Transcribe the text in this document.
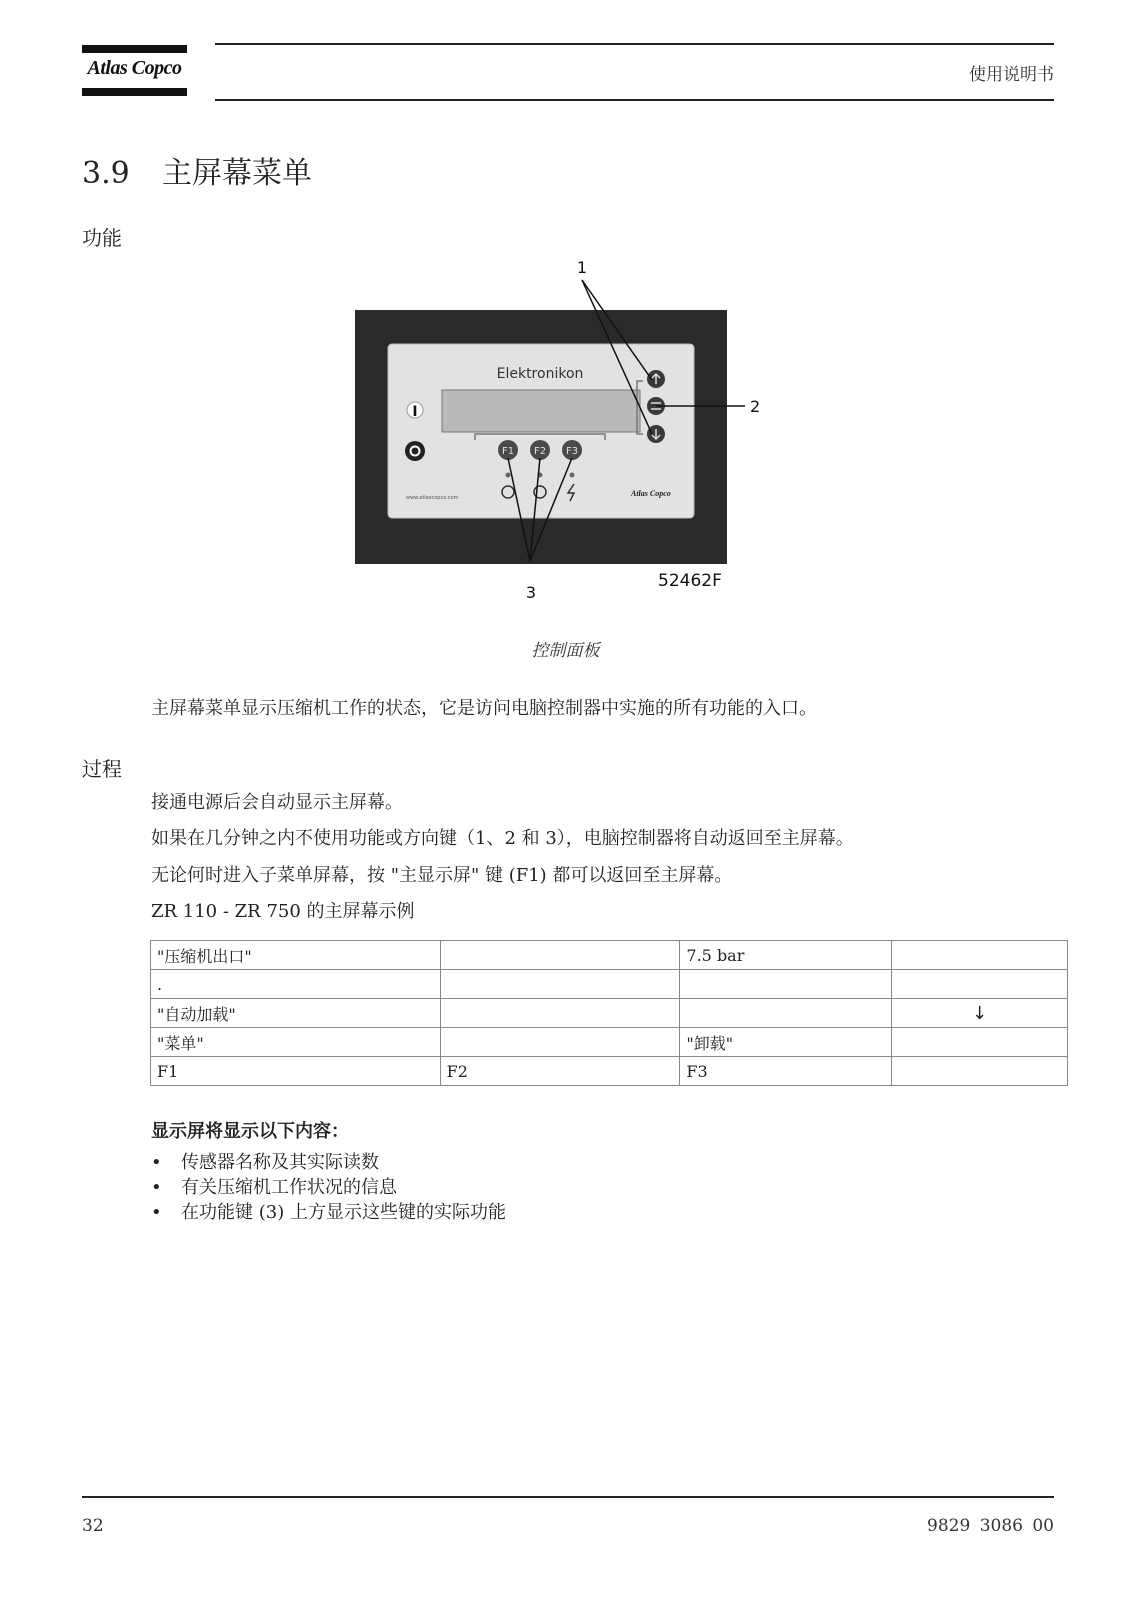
Atlas Copco	使用说明书
3.9 主屏幕菜单
功能
Elektronikon
I
F1 F2 F3
www.atlascopco.com	Atlas Copco
1
2
3
52462F
控制面板
主屏幕菜单显示压缩机工作的状态，它是访问电脑控制器中实施的所有功能的入口。
过程
接通电源后会自动显示主屏幕。
如果在几分钟之内不使用功能或方向键（1、2 和 3），电脑控制器将自动返回至主屏幕。
无论何时进入子菜单屏幕，按 "主显示屏" 键 (F1) 都可以返回至主屏幕。
ZR 110 - ZR 750 的主屏幕示例
"压缩机出口"		7.5 bar	
.			
"自动加载"			↓
"菜单"		"卸载"	
F1	F2	F3	
显示屏将显示以下内容：
• 传感器名称及其实际读数
• 有关压缩机工作状况的信息
• 在功能键 (3) 上方显示这些键的实际功能
32	9829 3086 00
